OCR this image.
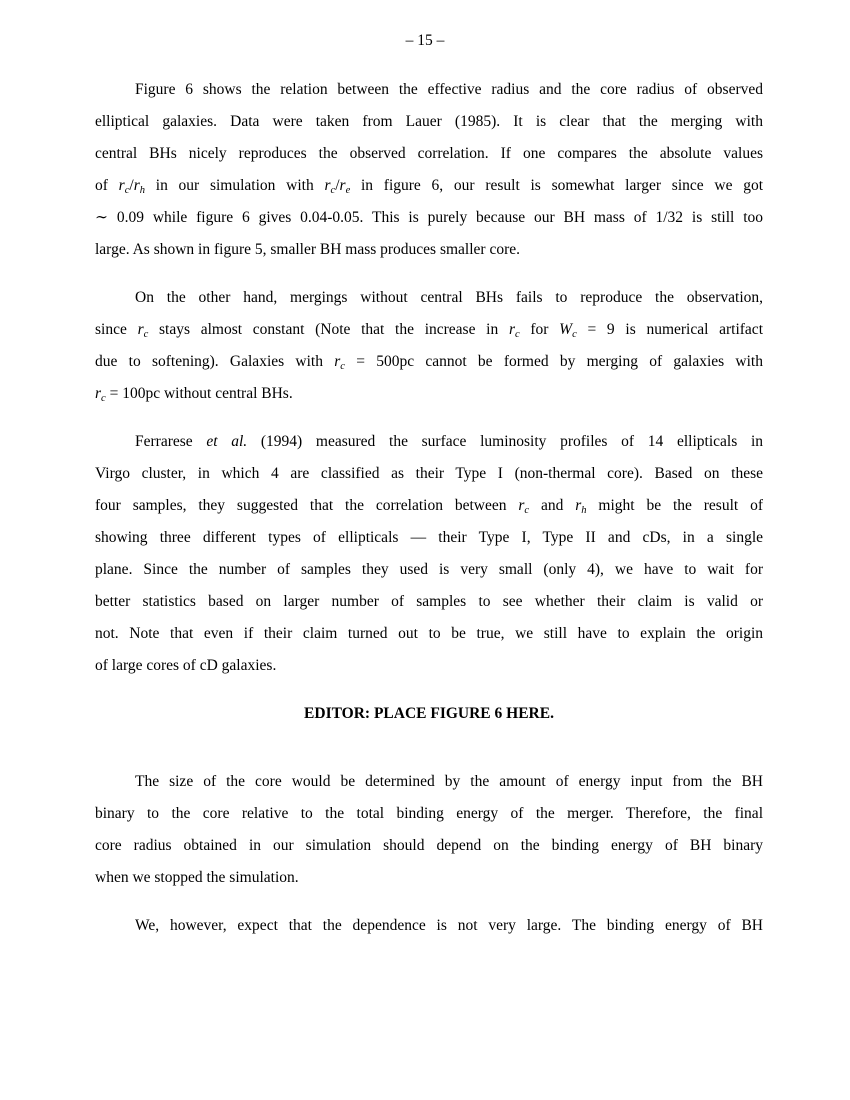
– 15 –
Figure 6 shows the relation between the effective radius and the core radius of observed
elliptical galaxies. Data were taken from Lauer (1985). It is clear that the merging with
central BHs nicely reproduces the observed correlation. If one compares the absolute values
of $r_c/r_h$ in our simulation with $r_c/r_e$ in figure 6, our result is somewhat larger since we got
∼ 0.09 while figure 6 gives 0.04-0.05. This is purely because our BH mass of 1/32 is still too
large. As shown in figure 5, smaller BH mass produces smaller core.
On the other hand, mergings without central BHs fails to reproduce the observation,
since $r_c$ stays almost constant (Note that the increase in $r_c$ for $W_c = 9$ is numerical artifact
due to softening). Galaxies with $r_c = 500pc$ cannot be formed by merging of galaxies with
$r_c = 100pc$ without central BHs.
Ferrarese et al. (1994) measured the surface luminosity profiles of 14 ellipticals in
Virgo cluster, in which 4 are classified as their Type I (non-thermal core). Based on these
four samples, they suggested that the correlation between $r_c$ and $r_h$ might be the result of
showing three different types of ellipticals — their Type I, Type II and cDs, in a single
plane. Since the number of samples they used is very small (only 4), we have to wait for
better statistics based on larger number of samples to see whether their claim is valid or
not. Note that even if their claim turned out to be true, we still have to explain the origin
of large cores of cD galaxies.
EDITOR: PLACE FIGURE 6 HERE.
The size of the core would be determined by the amount of energy input from the BH
binary to the core relative to the total binding energy of the merger. Therefore, the final
core radius obtained in our simulation should depend on the binding energy of BH binary
when we stopped the simulation.
We, however, expect that the dependence is not very large. The binding energy of BH
